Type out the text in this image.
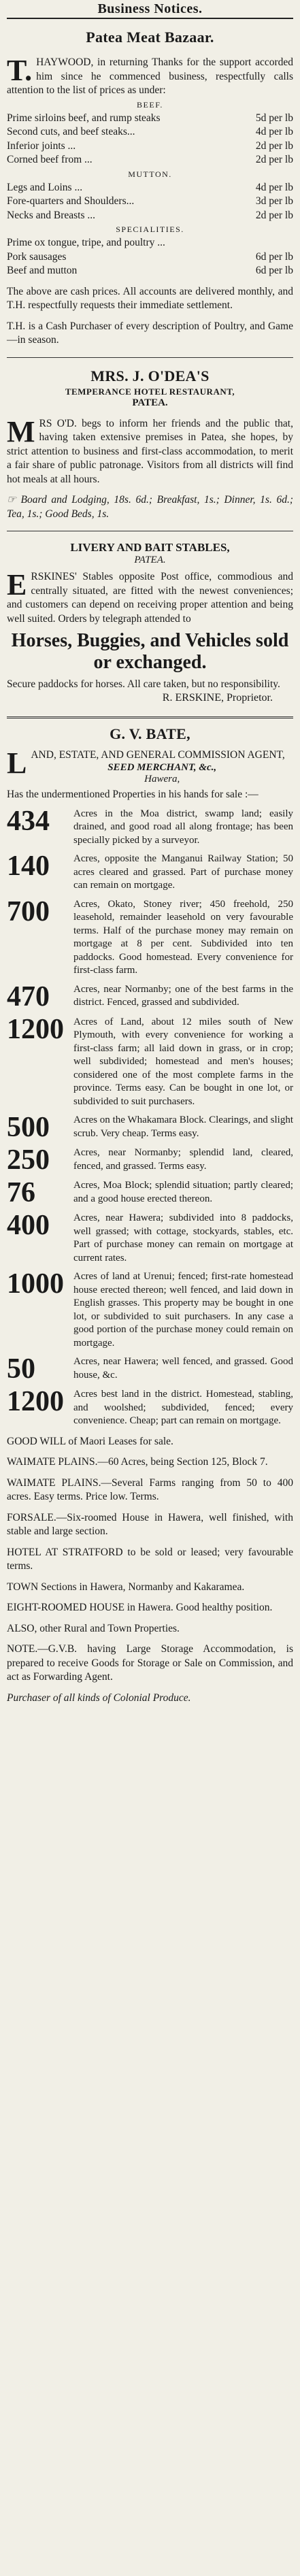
Business Notices.
Patea Meat Bazaar.

T. HAYWOOD, in returning Thanks for the support accorded him since he commenced business, respectfully calls attention to the list of prices as under:

BEEF.
Prime sirloins beef, and rump steaks	5d per lb
Second cuts, and beef steaks...	4d per lb
Inferior joints ...	2d per lb
Corned beef from ...	2d per lb
MUTTON.
Legs and Loins ...	4d per lb
Fore-quarters and Shoulders...	3d per lb
Necks and Breasts ...	2d per lb
SPECIALITIES.
Prime ox tongue, tripe, and poultry ...
Pork sausages	6d per lb
Beef and mutton	6d per lb

The above are cash prices. All accounts are delivered monthly, and T.H. respectfully requests their immediate settlement.

T.H. is a Cash Purchaser of every description of Poultry, and Game—in season.

MRS. J. O'DEA'S
TEMPERANCE HOTEL RESTAURANT,
PATEA.

MRS O'D. begs to inform her friends and the public that, having taken extensive premises in Patea, she hopes, by strict attention to business and first-class accommodation, to merit a fair share of public patronage. Visitors from all districts will find hot meals at all hours.

☞ Board and Lodging, 18s. 6d.; Breakfast, 1s.; Dinner, 1s. 6d.; Tea, 1s.; Good Beds, 1s.

LIVERY AND BAIT STABLES,
PATEA.

ERSKINES' Stables opposite Post office, commodious and centrally situated, are fitted with the newest conveniences; and customers can depend on receiving proper attention and being well suited. Orders by telegraph attended to

Horses, Buggies, and Vehicles sold or exchanged.

Secure paddocks for horses. All care taken, but no responsibility.

R. ERSKINE, Proprietor.
G. V. BATE,

LAND, ESTATE, AND GENERAL COMMISSION AGENT,

SEED MERCHANT, &c.,
Hawera,

Has the undermentioned Properties in his hands for sale :—

434	Acres in the Moa district, swamp land; easily drained, and good road all along frontage; has been specially picked by a surveyor.
140	Acres, opposite the Manganui Railway Station; 50 acres cleared and grassed. Part of purchase money can remain on mortgage.
700	Acres, Okato, Stoney river; 450 freehold, 250 leasehold, remainder leasehold on very favourable terms. Half of the purchase money may remain on mortgage at 8 per cent. Subdivided into ten paddocks. Good homestead. Every convenience for first-class farm.
470	Acres, near Normanby; one of the best farms in the district. Fenced, grassed and subdivided.
1200 Acres of Land, about 12 miles south of New Plymouth, with every convenience for working a first-class farm; all laid down in grass, or in crop; well subdivided; homestead and men's houses; considered one of the most complete farms in the province. Terms easy. Can be bought in one lot, or subdivided to suit purchasers.
500	Acres on the Whakamara Block. Clearings, and slight scrub. Very cheap. Terms easy.
250	Acres, near Normanby; splendid land, cleared, fenced, and grassed. Terms easy.
76	Acres, Moa Block; splendid situation; partly cleared; and a good house erected thereon.
400	Acres, near Hawera; subdivided into 8 paddocks, well grassed; with cottage, stockyards, stables, etc. Part of purchase money can remain on mortgage at current rates.
1000 Acres of land at Urenui; fenced; first-rate homestead house erected thereon; well fenced, and laid down in English grasses. This property may be bought in one lot, or subdivided to suit purchasers. In any case a good portion of the purchase money could remain on mortgage.
50	Acres, near Hawera; well fenced, and grassed. Good house, &c.
1200 Acres best land in the district. Homestead, stabling, and woolshed; subdivided, fenced; every convenience. Cheap; part can remain on mortgage.

GOOD WILL of Maori Leases for sale.

WAIMATE PLAINS.—60 Acres, being Section 125, Block 7.

WAIMATE PLAINS.—Several Farms ranging from 50 to 400 acres. Easy terms. Price low. Terms.

FORSALE.—Six-roomed House in Hawera, well finished, with stable and large section.

HOTEL AT STRATFORD to be sold or leased; very favourable terms.

TOWN Sections in Hawera, Normanby and Kakaramea.

EIGHT-ROOMED HOUSE in Hawera. Good healthy position.

ALSO, other Rural and Town Properties.

NOTE.—G.V.B. having Large Storage Accommodation, is prepared to receive Goods for Storage or Sale on Commission, and act as Forwarding Agent.

Purchaser of all kinds of Colonial Produce.
